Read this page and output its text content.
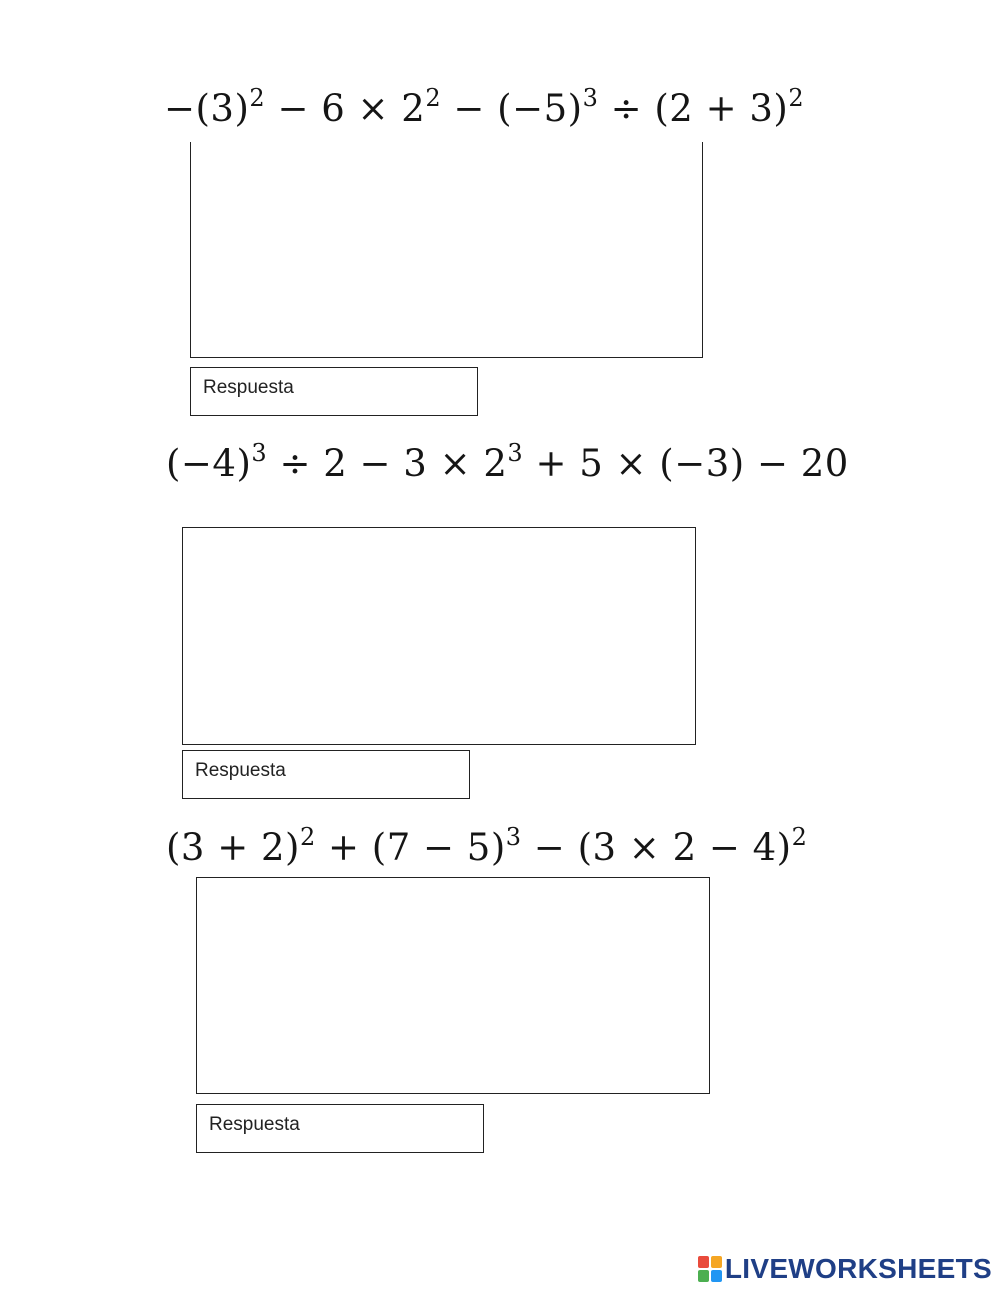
$-(3)^2 - 6 \times 2^2 - (-5)^3 \div (2 + 3)^2$
Respuesta
$(-4)^3 \div 2 - 3 \times 2^3 + 5 \times (-3) - 20$
Respuesta
$(3 + 2)^2 + (7 - 5)^3 - (3 \times 2 - 4)^2$
Respuesta
LIVEWORKSHEETS
